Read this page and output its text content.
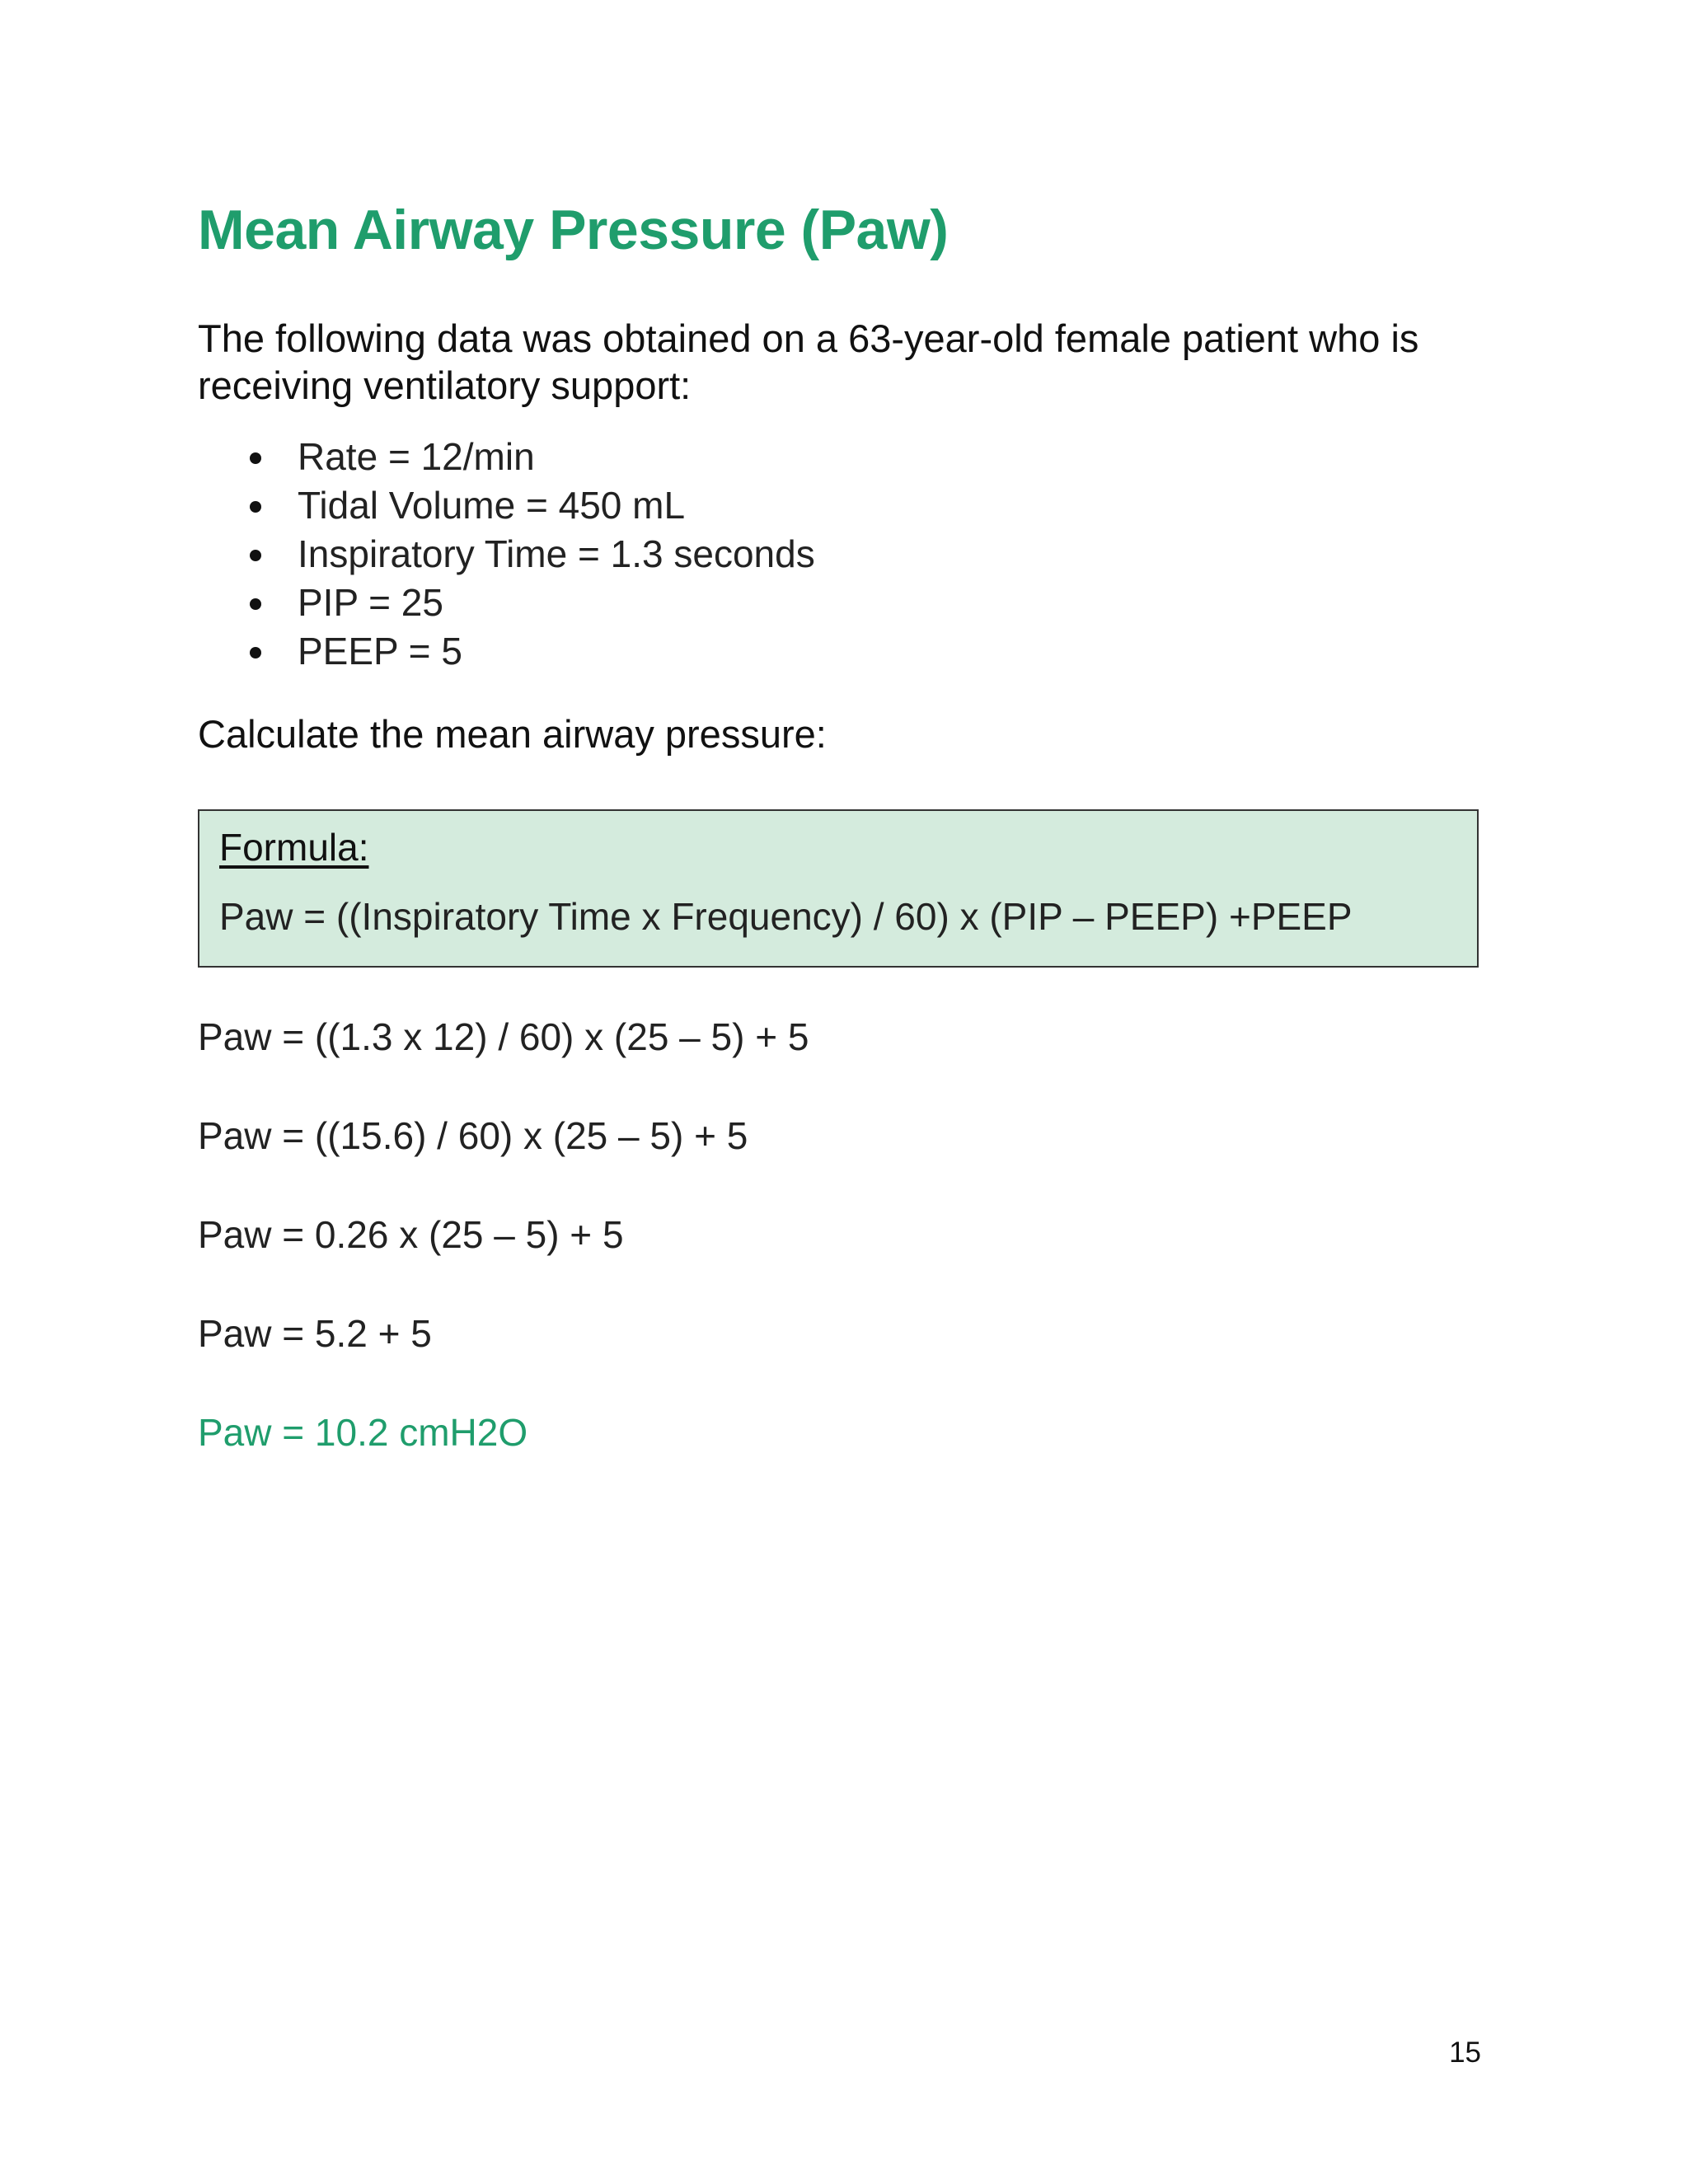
Mean Airway Pressure (Paw)

The following data was obtained on a 63-year-old female patient who is receiving ventilatory support:

Rate = 12/min
Tidal Volume = 450 mL
Inspiratory Time = 1.3 seconds
PIP = 25
PEEP = 5

Calculate the mean airway pressure:

Formula:
Paw = ((Inspiratory Time x Frequency) / 60) x (PIP – PEEP) +PEEP

Paw = ((1.3 x 12) / 60) x (25 – 5) + 5

Paw = ((15.6) / 60) x (25 – 5) + 5

Paw = 0.26 x (25 – 5) + 5

Paw = 5.2 + 5

Paw = 10.2 cmH2O

15
